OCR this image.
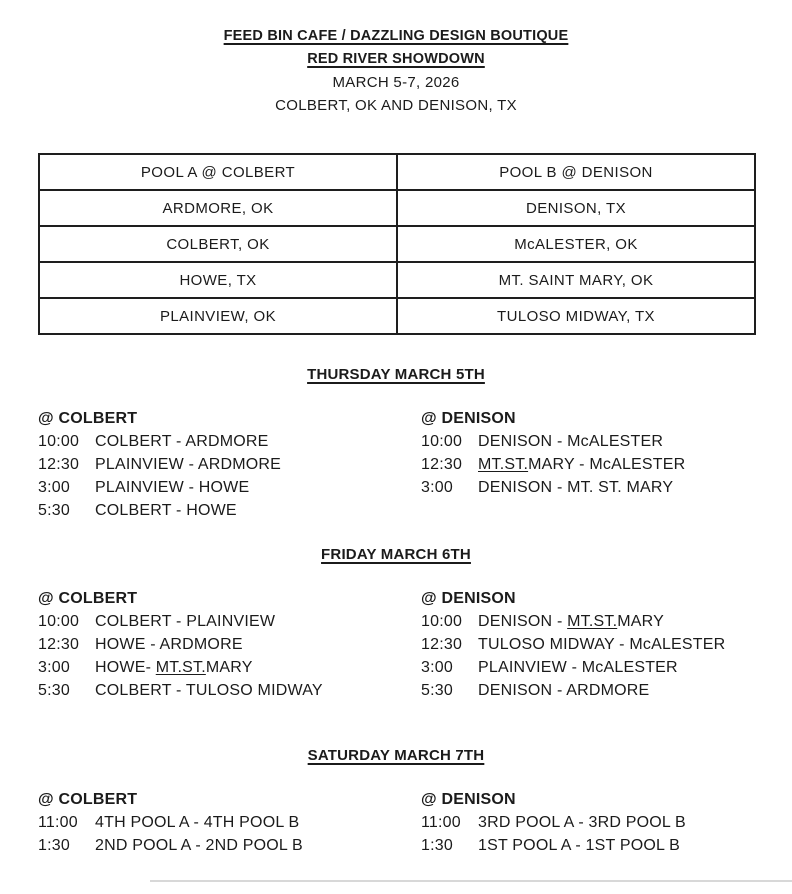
FEED BIN CAFE / DAZZLING DESIGN BOUTIQUE
RED RIVER SHOWDOWN
MARCH 5-7, 2026
COLBERT, OK AND DENISON, TX
POOL A @ COLBERT	POOL B @ DENISON
ARDMORE, OK	DENISON, TX
COLBERT, OK	McALESTER, OK
HOWE, TX	MT. SAINT MARY, OK
PLAINVIEW, OK	TULOSO MIDWAY, TX
THURSDAY MARCH 5TH
@ COLBERT
10:00 COLBERT - ARDMORE
12:30 PLAINVIEW - ARDMORE
3:00	PLAINVIEW - HOWE
5:30	COLBERT - HOWE
@ DENISON
10:00 DENISON - McALESTER
12:30 MT.ST.MARY - McALESTER
3:00	DENISON - MT. ST. MARY
FRIDAY MARCH 6TH
@ COLBERT
10:00 COLBERT - PLAINVIEW
12:30 HOWE - ARDMORE
3:00	HOWE- MT.ST.MARY
5:30	COLBERT - TULOSO MIDWAY
@ DENISON
10:00 DENISON - MT.ST.MARY
12:30 TULOSO MIDWAY - McALESTER
3:00	PLAINVIEW - McALESTER
5:30	DENISON - ARDMORE
SATURDAY MARCH 7TH
@ COLBERT
11:00	4TH POOL A - 4TH POOL B
1:30	2ND POOL A - 2ND POOL B
@ DENISON
11:00	3RD POOL A - 3RD POOL B
1:30	1ST POOL A - 1ST POOL B
